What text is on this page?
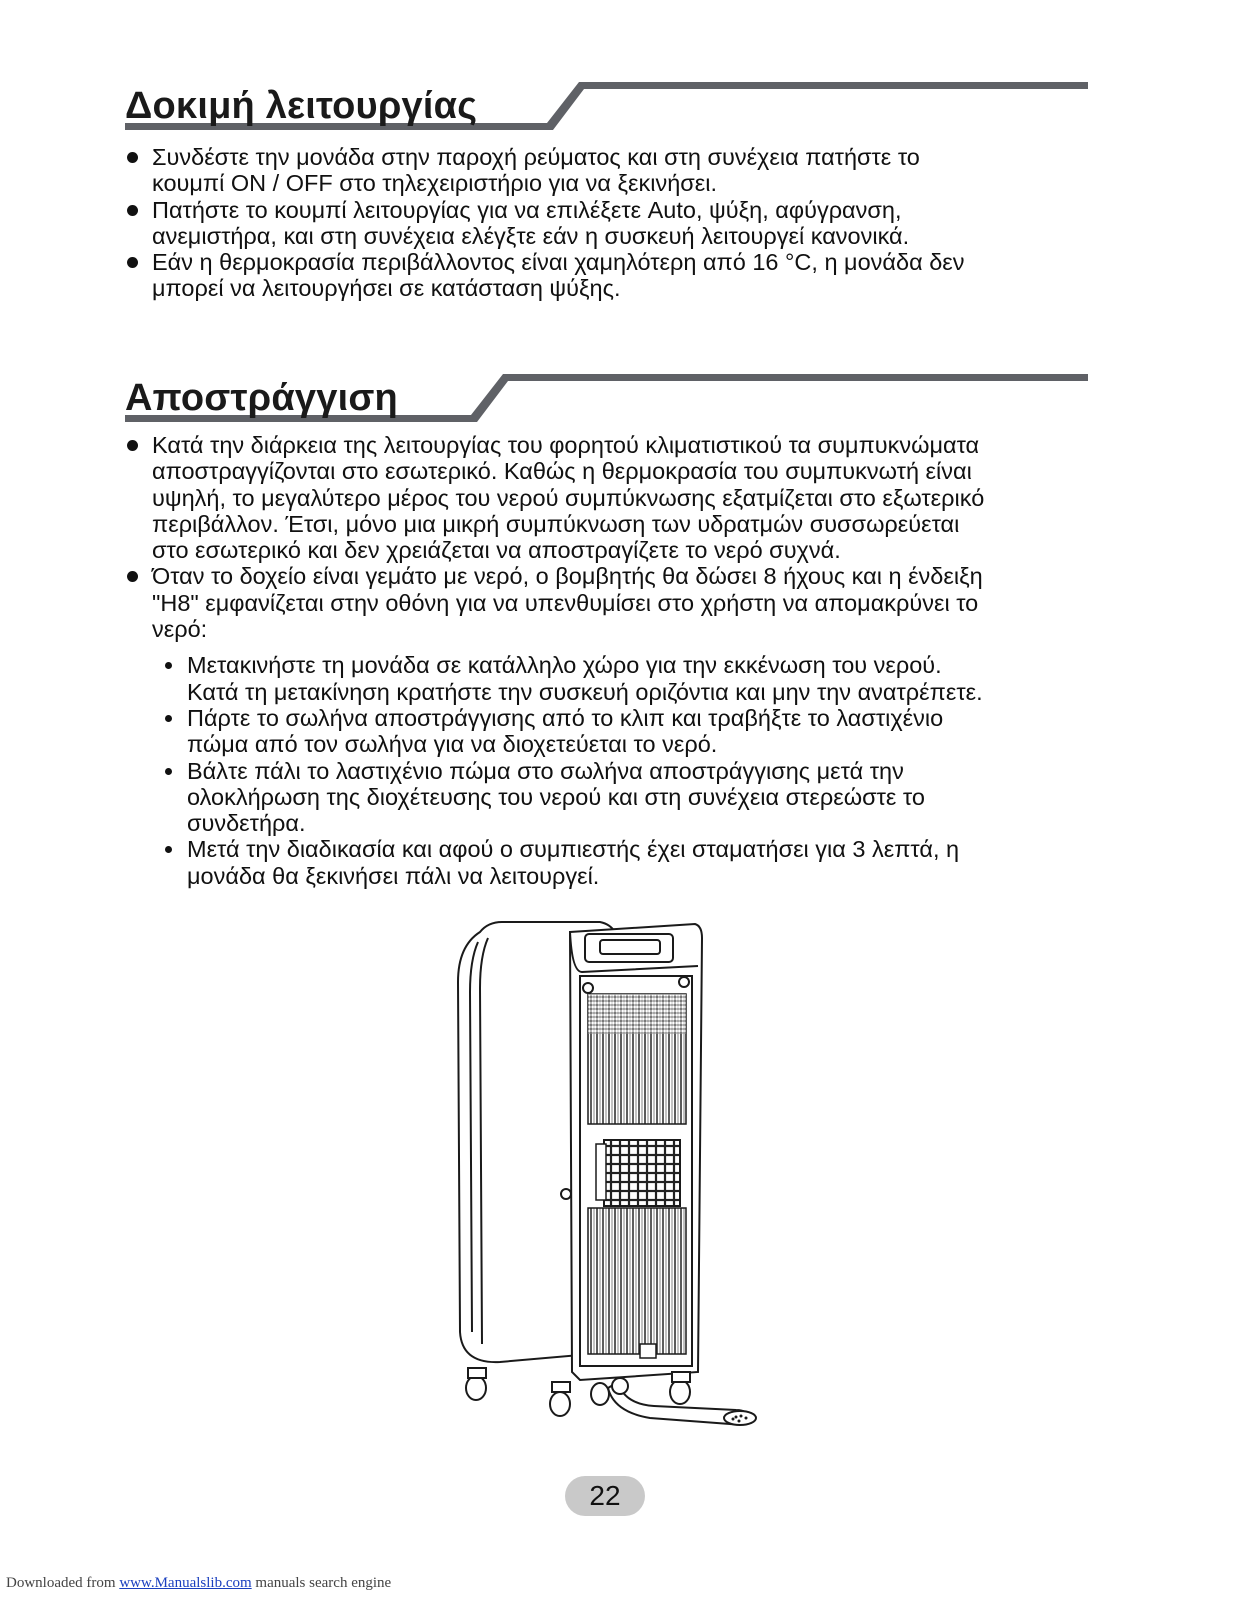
Δοκιμή λειτουργίας
Συνδέστε την μονάδα στην παροχή ρεύματος και στη συνέχεια πατήστε το
κουμπί ON / OFF στο τηλεχειριστήριο για να ξεκινήσει.
Πατήστε το κουμπί λειτουργίας για να επιλέξετε Auto, ψύξη, αφύγρανση,
ανεμιστήρα, και στη συνέχεια ελέγξτε εάν η συσκευή λειτουργεί κανονικά.
Εάν η θερμοκρασία περιβάλλοντος είναι χαμηλότερη από 16 °C, η μονάδα δεν
μπορεί να λειτουργήσει σε κατάσταση ψύξης.
Αποστράγγιση
Κατά την διάρκεια της λειτουργίας του φορητού κλιματιστικού τα συμπυκνώματα
αποστραγγίζονται στο εσωτερικό. Καθώς η θερμοκρασία του συμπυκνωτή είναι
υψηλή, το μεγαλύτερο μέρος του νερού συμπύκνωσης εξατμίζεται στο εξωτερικό
περιβάλλον. Έτσι, μόνο μια μικρή συμπύκνωση των υδρατμών συσσωρεύεται
στο εσωτερικό και δεν χρειάζεται να αποστραγίζετε το νερό συχνά.
Όταν το δοχείο είναι γεμάτο με νερό, ο βομβητής θα δώσει 8 ήχους και η ένδειξη
"H8" εμφανίζεται στην οθόνη για να υπενθυμίσει στο χρήστη να απομακρύνει το
νερό:
Μετακινήστε τη μονάδα σε κατάλληλο χώρο για την εκκένωση του νερού.
Κατά τη μετακίνηση κρατήστε την συσκευή οριζόντια και μην την ανατρέπετε.
Πάρτε το σωλήνα αποστράγγισης από το κλιπ και τραβήξτε το λαστιχένιο
πώμα από τον σωλήνα για να διοχετεύεται το νερό.
Βάλτε πάλι το λαστιχένιο πώμα στο σωλήνα αποστράγγισης μετά την
ολοκλήρωση της διοχέτευσης του νερού και στη συνέχεια στερεώστε το
συνδετήρα.
Μετά την διαδικασία και αφού ο συμπιεστής έχει σταματήσει για 3 λεπτά, η
μονάδα θα ξεκινήσει πάλι να λειτουργεί.
22
Downloaded from www.Manualslib.com manuals search engine
